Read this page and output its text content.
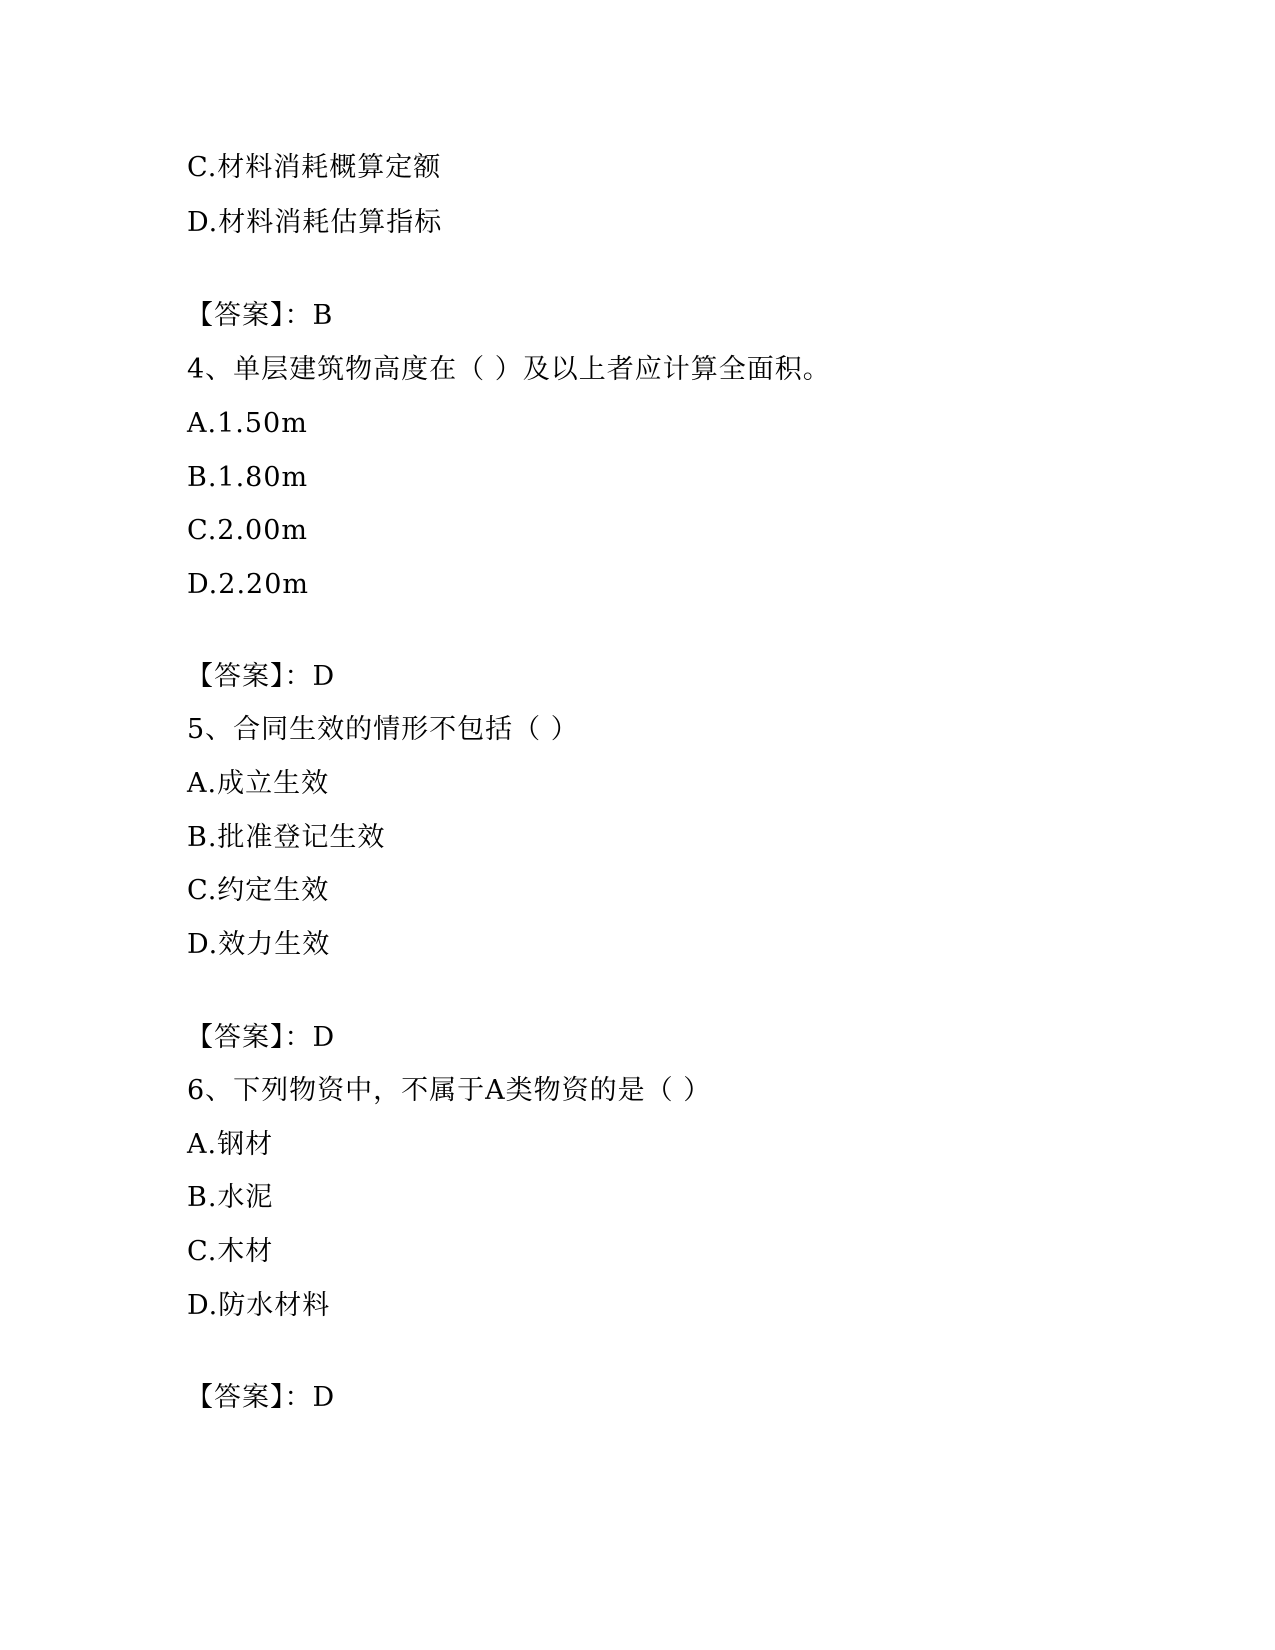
C.材料消耗概算定额
D.材料消耗估算指标
【答案】：B
4、单层建筑物高度在（ ）及以上者应计算全面积。
A.1.50m
B.1.80m
C.2.00m
D.2.20m
【答案】：D
5、合同生效的情形不包括（ ）
A.成立生效
B.批准登记生效
C.约定生效
D.效力生效
【答案】：D
6、下列物资中，不属于A类物资的是（ ）
A.钢材
B.水泥
C.木材
D.防水材料
【答案】：D
